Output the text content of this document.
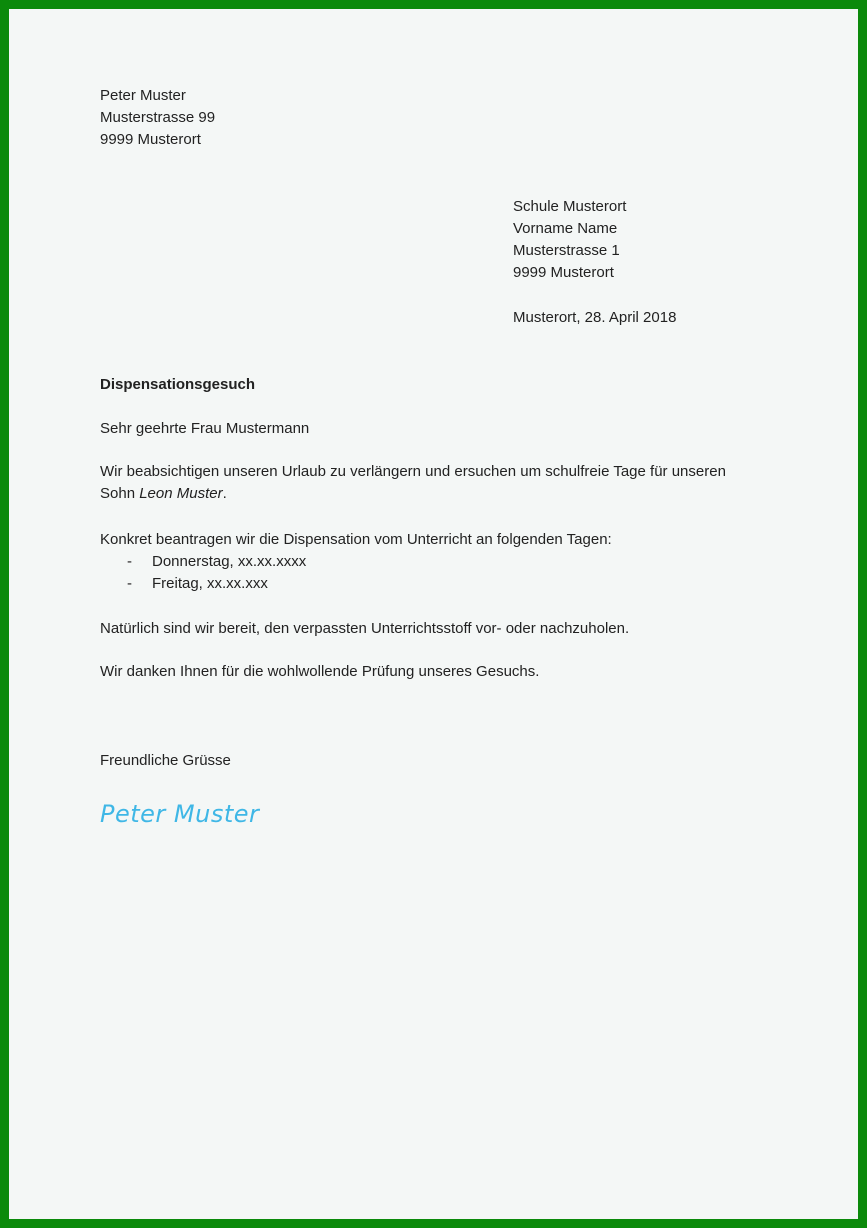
Peter Muster
Musterstrasse 99
9999 Musterort
Schule Musterort
Vorname Name
Musterstrasse 1
9999 Musterort
Musterort, 28. April 2018
Dispensationsgesuch
Sehr geehrte Frau Mustermann
Wir beabsichtigen unseren Urlaub zu verlängern und ersuchen um schulfreie Tage für unseren
Sohn Leon Muster.
Konkret beantragen wir die Dispensation vom Unterricht an folgenden Tagen:
- Donnerstag, xx.xx.xxxx
- Freitag, xx.xx.xxx
Natürlich sind wir bereit, den verpassten Unterrichtsstoff vor- oder nachzuholen.
Wir danken Ihnen für die wohlwollende Prüfung unseres Gesuchs.
Freundliche Grüsse
Peter Muster
